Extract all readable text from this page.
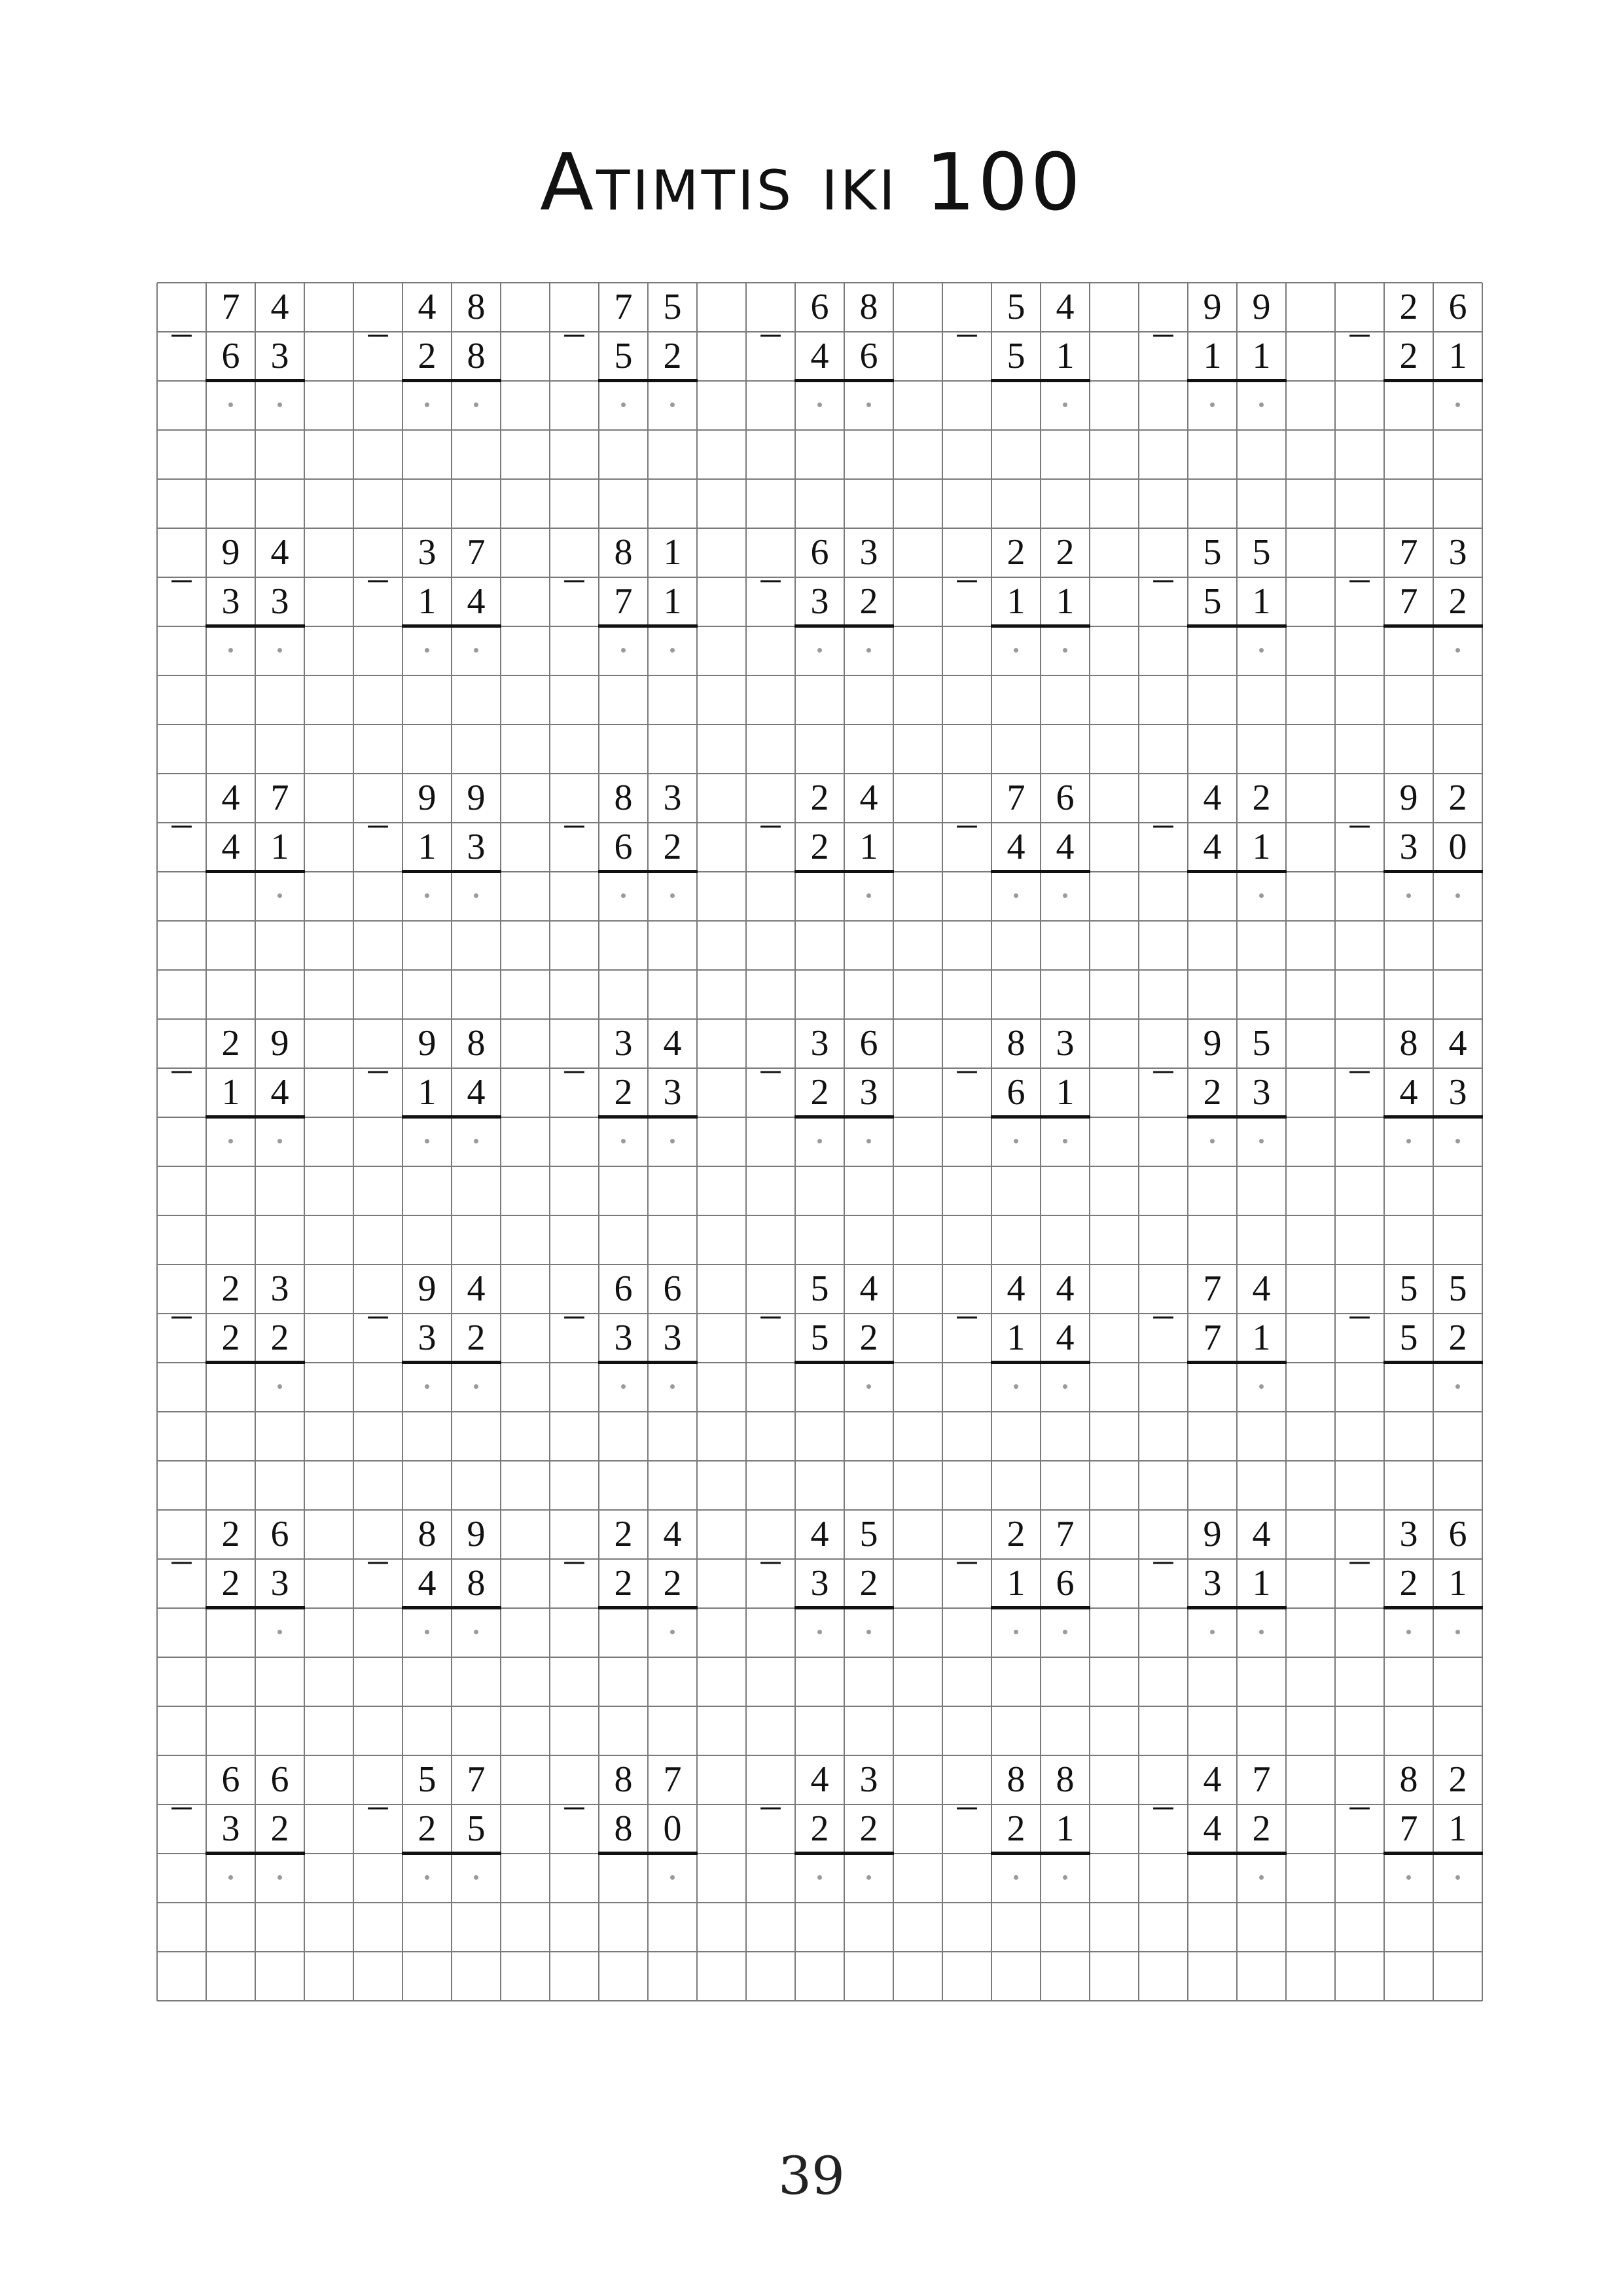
Atimtis iki 100
–
7
6
4
3
–
4
2
8
8
–
7
5
5
2
–
6
4
8
6
–
5
5
4
1
–
9
1
9
1
–
2
2
6
1
–
9
3
4
3
–
3
1
7
4
–
8
7
1
1
–
6
3
3
2
–
2
1
2
1
–
5
5
5
1
–
7
7
3
2
–
4
4
7
1
–
9
1
9
3
–
8
6
3
2
–
2
2
4
1
–
7
4
6
4
–
4
4
2
1
–
9
3
2
0
–
2
1
9
4
–
9
1
8
4
–
3
2
4
3
–
3
2
6
3
–
8
6
3
1
–
9
2
5
3
–
8
4
4
3
–
2
2
3
2
–
9
3
4
2
–
6
3
6
3
–
5
5
4
2
–
4
1
4
4
–
7
7
4
1
–
5
5
5
2
–
2
2
6
3
–
8
4
9
8
–
2
2
4
2
–
4
3
5
2
–
2
1
7
6
–
9
3
4
1
–
3
2
6
1
–
6
3
6
2
–
5
2
7
5
–
8
8
7
0
–
4
2
3
2
–
8
2
8
1
–
4
4
7
2
–
8
7
2
1
39
